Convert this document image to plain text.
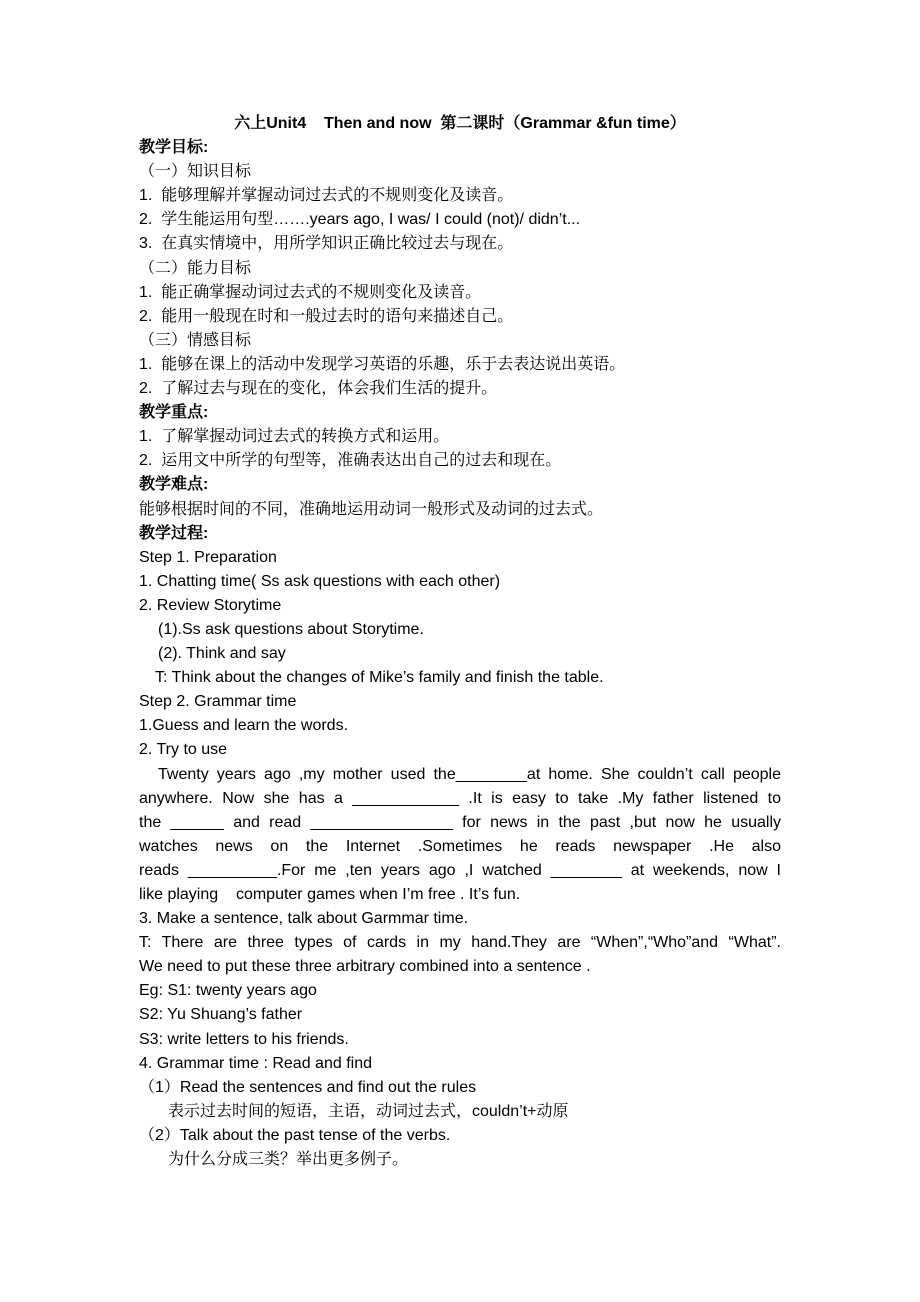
六上Unit4    Then and now  第二课时（Grammar &fun time）
教学目标:
（一）知识目标
1.  能够理解并掌握动词过去式的不规则变化及读音。
2.  学生能运用句型…….years ago, I was/ I could (not)/ didn’t...
3.  在真实情境中，用所学知识正确比较过去与现在。
（二）能力目标
1.  能正确掌握动词过去式的不规则变化及读音。
2.  能用一般现在时和一般过去时的语句来描述自己。
（三）情感目标
1.  能够在课上的活动中发现学习英语的乐趣，乐于去表达说出英语。
2.  了解过去与现在的变化，体会我们生活的提升。
教学重点:
1.  了解掌握动词过去式的转换方式和运用。
2.  运用文中所学的句型等，准确表达出自己的过去和现在。
教学难点:
能够根据时间的不同，准确地运用动词一般形式及动词的过去式。
教学过程:
Step 1. Preparation
1. Chatting time( Ss ask questions with each other)
2. Review Storytime
(1).Ss ask questions about Storytime.
(2). Think and say
T: Think about the changes of Mike’s family and finish the table.
Step 2. Grammar time
1.Guess and learn the words.
2. Try to use
Twenty years ago ,my mother used the________at home. She couldn’t call people
anywhere. Now she has a ____________ .It is easy to take .My father listened to
the ______ and read ________________ for news in the past ,but now he usually
watches news on the Internet .Sometimes he reads newspaper .He also
reads __________.For me ,ten years ago ,I watched ________ at weekends, now I
like playing    computer games when I’m free . It’s fun.
3. Make a sentence, talk about Garmmar time.
T: There are three types of cards in my hand.They are “When”,“Who”and “What”.
We need to put these three arbitrary combined into a sentence .
Eg: S1: twenty years ago
S2: Yu Shuang’s father
S3: write letters to his friends.
4. Grammar time : Read and find
（1）Read the sentences and find out the rules
表示过去时间的短语，主语，动词过去式，couldn’t+动原
（2）Talk about the past tense of the verbs.
为什么分成三类？举出更多例子。
